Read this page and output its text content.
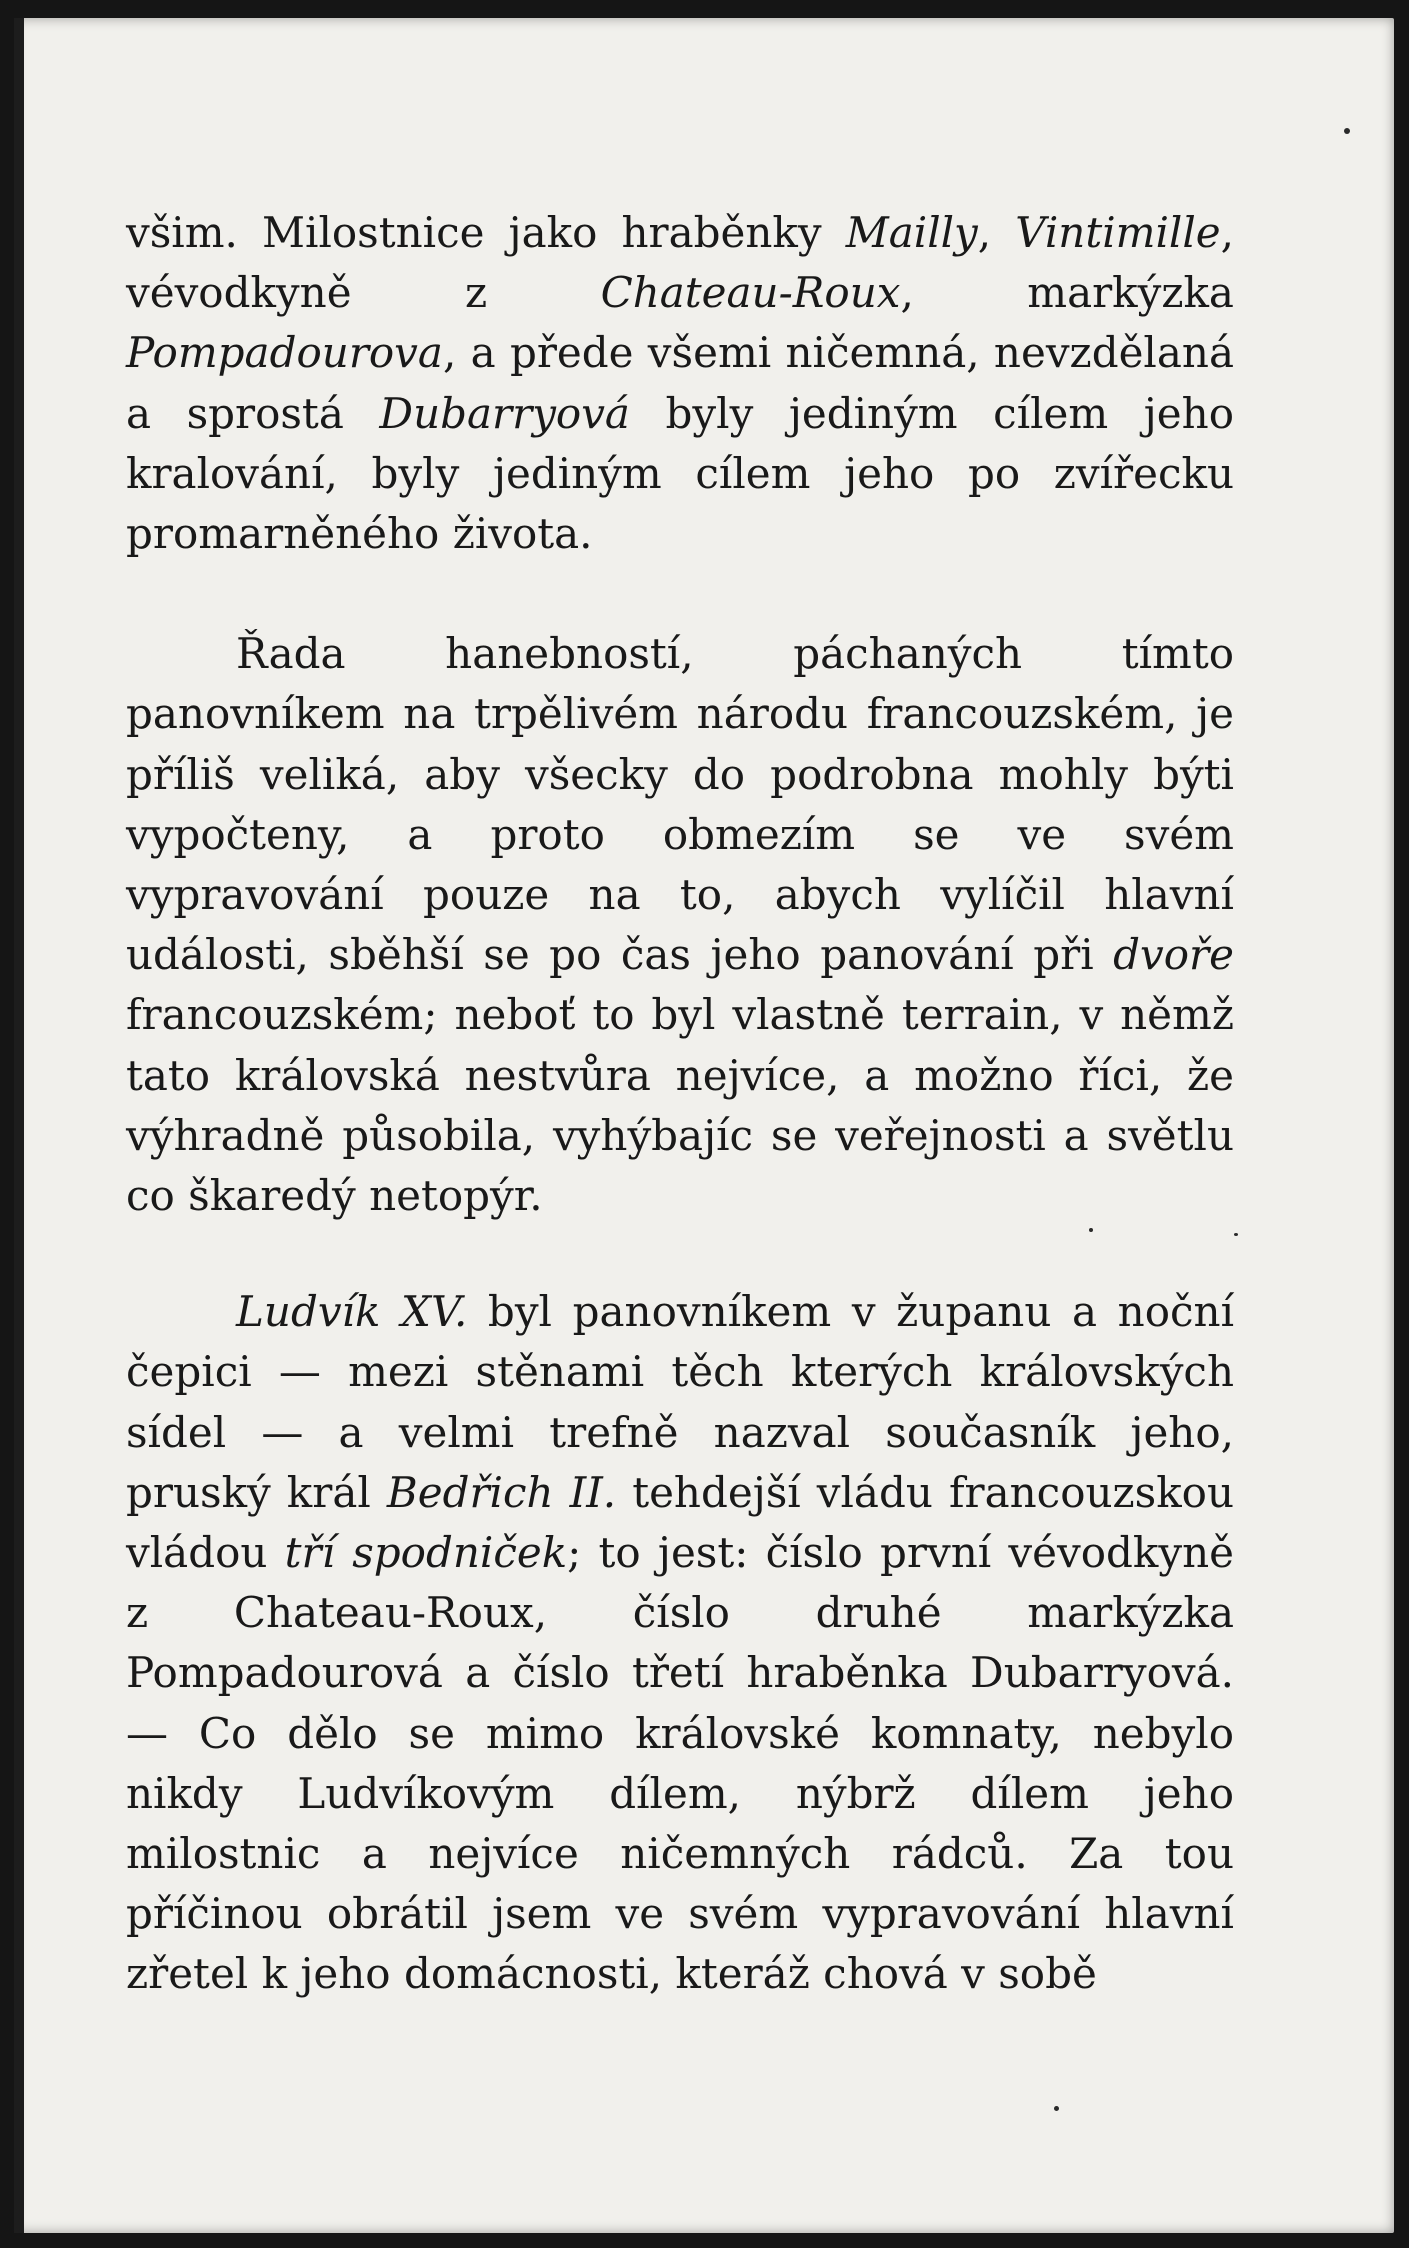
všim. Milostnice jako hraběnky Mailly, Vintimille, vévodkyně z Chateau-Roux, markýzka Pompadourova, a přede všemi ničemná, nevzdělaná a sprostá Dubarryová byly jediným cílem jeho kralování, byly jediným cílem jeho po zvířecku promarněného života.

Řada hanebností, páchaných tímto panovníkem na trpělivém národu francouzském, je příliš veliká, aby všecky do podrobna mohly býti vypočteny, a proto obmezím se ve svém vypravování pouze na to, abych vylíčil hlavní události, sběhší se po čas jeho panování při dvoře francouzském; neboť to byl vlastně terrain, v němž tato královská nestvůra nejvíce, a možno říci, že výhradně působila, vyhýbajíc se veřejnosti a světlu co škaredý netopýr.

Ludvík XV. byl panovníkem v županu a noční čepici — mezi stěnami těch kterých královských sídel — a velmi trefně nazval současník jeho, pruský král Bedřich II. tehdejší vládu francouzskou vládou tří spodniček; to jest: číslo první vévodkyně z Chateau-Roux, číslo druhé markýzka Pompadourová a číslo třetí hraběnka Dubarryová. — Co dělo se mimo královské komnaty, nebylo nikdy Ludvíkovým dílem, nýbrž dílem jeho milostnic a nejvíce ničemných rádců. Za tou příčinou obrátil jsem ve svém vypravování hlavní zřetel k jeho domácnosti, kteráž chová v sobě
